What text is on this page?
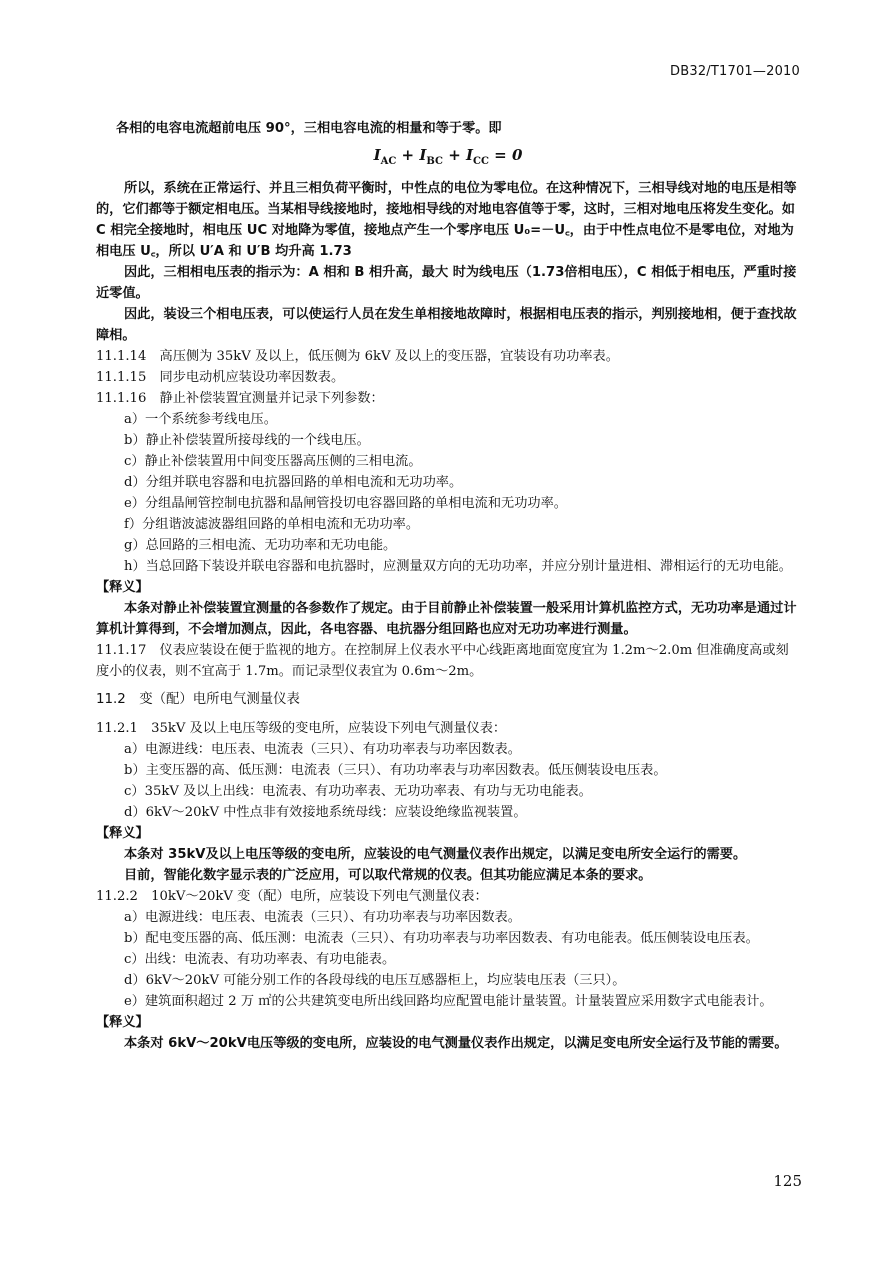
DB32/T1701—2010

各相的电容电流超前电压 90°，三相电容电流的相量和等于零。即

$I_{AC} + I_{BC} + I_{CC} = 0$

所以，系统在正常运行、并且三相负荷平衡时，中性点的电位为零电位。在这种情况下，三相导线对地的电压是相等的，它们都等于额定相电压。当某相导线接地时，接地相导线的对地电容值等于零，这时，三相对地电压将发生变化。如 C 相完全接地时，相电压 UC 对地降为零值，接地点产生一个零序电压 U₀=－U꜀，由于中性点电位不是零电位，对地为相电压 U꜀，所以 U′A 和 U′B 均升高 1.73

因此，三相相电压表的指示为：A 相和 B 相升高，最大 时为线电压（1.73倍相电压），C 相低于相电压，严重时接近零值。

因此，装设三个相电压表，可以使运行人员在发生单相接地故障时，根据相电压表的指示，判别接地相，便于查找故障相。

11.1.14　高压侧为 35kV 及以上，低压侧为 6kV 及以上的变压器，宜装设有功功率表。

11.1.15　同步电动机应装设功率因数表。

11.1.16　静止补偿装置宜测量并记录下列参数：

a）一个系统参考线电压。

b）静止补偿装置所接母线的一个线电压。

c）静止补偿装置用中间变压器高压侧的三相电流。

d）分组并联电容器和电抗器回路的单相电流和无功功率。

e）分组晶闸管控制电抗器和晶闸管投切电容器回路的单相电流和无功功率。

f）分组谐波滤波器组回路的单相电流和无功功率。

g）总回路的三相电流、无功功率和无功电能。

h）当总回路下装设并联电容器和电抗器时，应测量双方向的无功功率，并应分别计量进相、滞相运行的无功电能。

【释义】

本条对静止补偿装置宜测量的各参数作了规定。由于目前静止补偿装置一般采用计算机监控方式，无功功率是通过计算机计算得到，不会增加测点，因此，各电容器、电抗器分组回路也应对无功功率进行测量。

11.1.17　仪表应装设在便于监视的地方。在控制屏上仪表水平中心线距离地面宽度宜为 1.2m～2.0m 但准确度高或刻度小的仪表，则不宜高于 1.7m。而记录型仪表宜为 0.6m～2m。

11.2　变（配）电所电气测量仪表

11.2.1　35kV 及以上电压等级的变电所，应装设下列电气测量仪表：

a）电源进线：电压表、电流表（三只）、有功功率表与功率因数表。

b）主变压器的高、低压测：电流表（三只）、有功功率表与功率因数表。低压侧装设电压表。

c）35kV 及以上出线：电流表、有功功率表、无功功率表、有功与无功电能表。

d）6kV～20kV 中性点非有效接地系统母线：应装设绝缘监视装置。

【释义】

本条对 35kV及以上电压等级的变电所，应装设的电气测量仪表作出规定，以满足变电所安全运行的需要。

目前，智能化数字显示表的广泛应用，可以取代常规的仪表。但其功能应满足本条的要求。

11.2.2　10kV～20kV 变（配）电所，应装设下列电气测量仪表：

a）电源进线：电压表、电流表（三只）、有功功率表与功率因数表。

b）配电变压器的高、低压测：电流表（三只）、有功功率表与功率因数表、有功电能表。低压侧装设电压表。

c）出线：电流表、有功功率表、有功电能表。

d）6kV～20kV 可能分别工作的各段母线的电压互感器柜上，均应装电压表（三只）。

e）建筑面积超过 2 万 ㎡的公共建筑变电所出线回路均应配置电能计量装置。计量装置应采用数字式电能表计。

【释义】

本条对 6kV～20kV电压等级的变电所，应装设的电气测量仪表作出规定，以满足变电所安全运行及节能的需要。

125
